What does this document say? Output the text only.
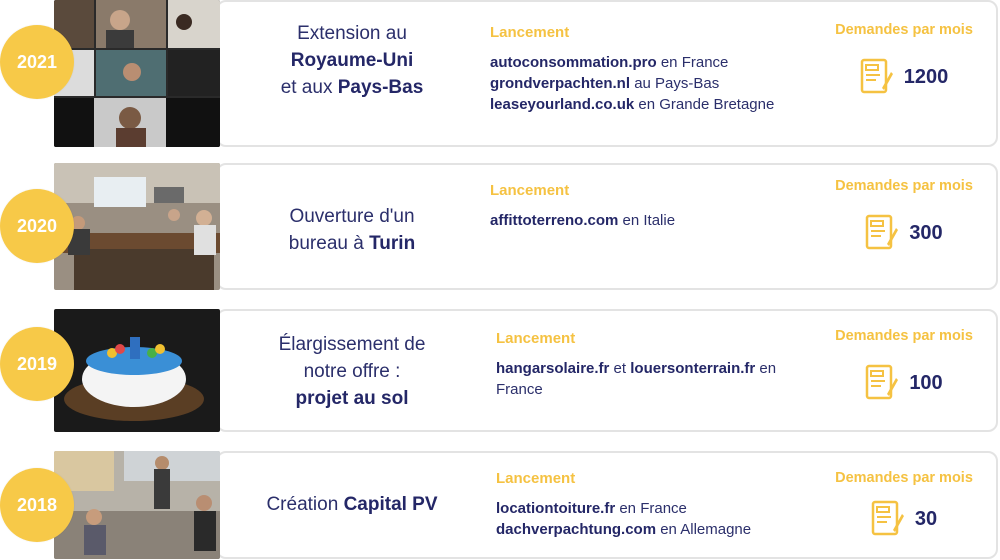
2021
Extension au
Royaume-Uni
et aux Pays-Bas
Lancement
autoconsommation.pro en France
grondverpachten.nl au Pays-Bas
leaseyourland.co.uk en Grande Bretagne
Demandes par mois
1200
2020	Ouverture d'un
bureau à Turin
Lancement
affittoterreno.com en Italie
Demandes par mois
300
2019
Élargissement de
notre offre :
projet au sol
Lancement
hangarsolaire.fr et louersonterrain.fr en France
Demandes par mois
100
2018	Création Capital PV
Lancement
locationtoiture.fr en France
dachverpachtung.com en Allemagne
Demandes par mois
30
